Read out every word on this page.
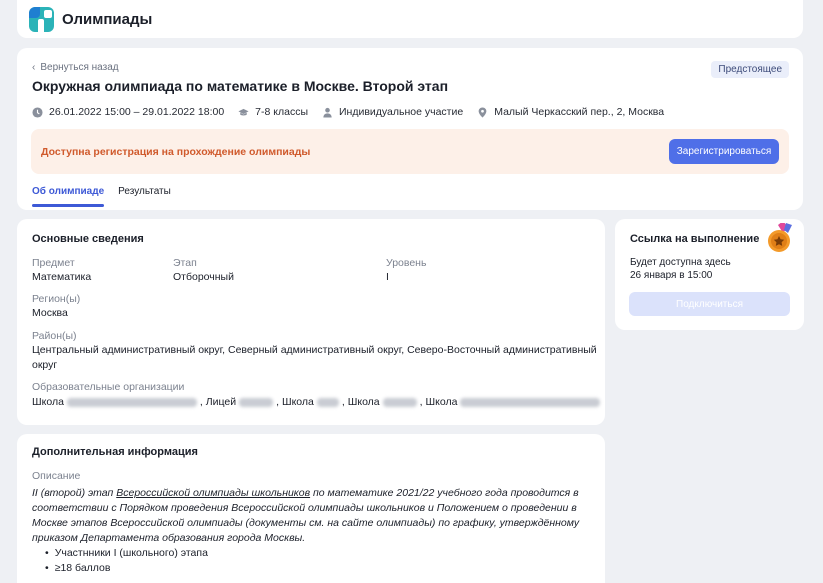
Олимпиады
‹ Вернуться назад	Предстоящее
Окружная олимпиада по математике в Москве. Второй этап
26.01.2022 15:00 – 29.01.2022 18:00	7-8 классы	Индивидуальное участие	Малый Черкасский пер., 2, Москва
Доступна регистрация на прохождение олимпиады	Зарегистрироваться
Об олимпиаде Результаты
Основные сведения
Предмет
Математика
Этап
Отборочный
Уровень
I
Регион(ы)
Москва
Район(ы)
Центральный административный округ, Северный административный округ, Северо-Восточный административный
округ
Образовательные организации
Школа	, Лицей	, Школа	, Школа	, Школа
Ссылка на выполнение
Будет доступна здесь
26 января в 15:00
Подключиться
Дополнительная информация
Описание
II (второй) этап Всероссийской олимпиады школьников по математике 2021/22 учебного года проводится в соответствии с Порядком проведения Всероссийской олимпиады школьников и Положением о проведении в Москве этапов Всероссийской олимпиады (документы см. на сайте олимпиады) по графику, утверждённому приказом Департамента образования города Москвы.
• Участнники I (школьного) этапа
• ≥18 баллов
